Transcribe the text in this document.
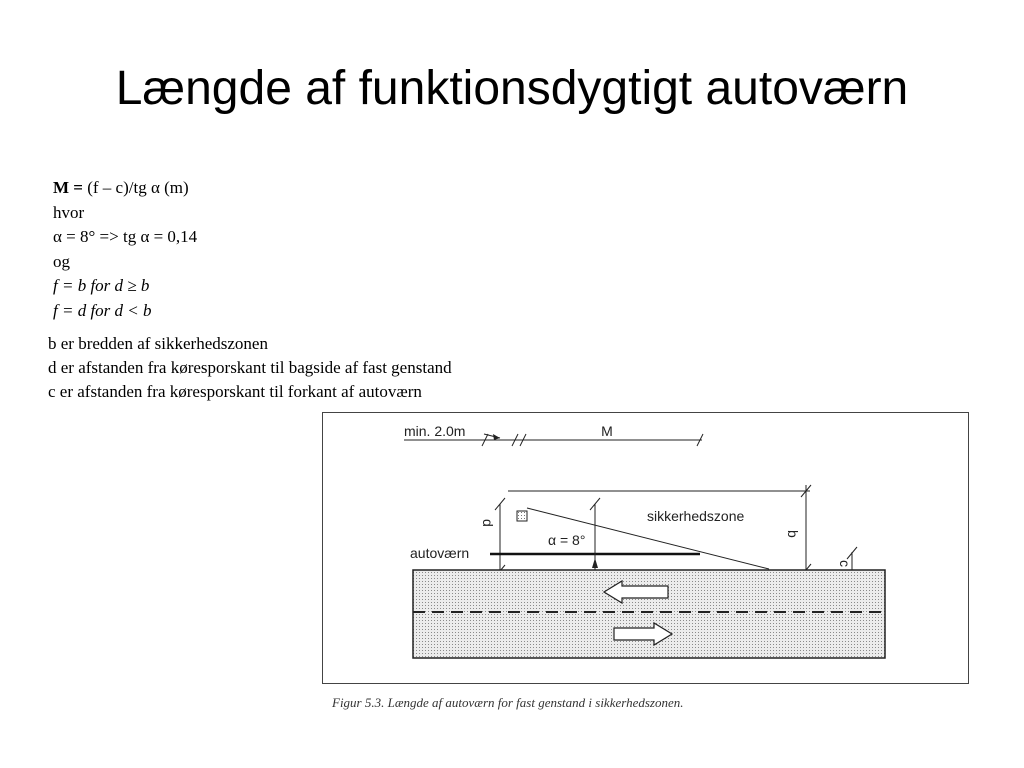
Længde af funktionsdygtigt autoværn
M = (f – c)/tg α (m)
hvor
α = 8° => tg α = 0,14
og
f = b for d ≥ b
f = d for d < b
b er bredden af sikkerhedszonen
d er afstanden fra køresporskant til bagside af fast genstand
c er afstanden fra køresporskant til forkant af autoværn
min. 2.0m	M
b
sikkerhedszone
d
autoværn
α = 8°
c
Figur 5.3. Længde af autoværn for fast genstand i sikkerhedszonen.
